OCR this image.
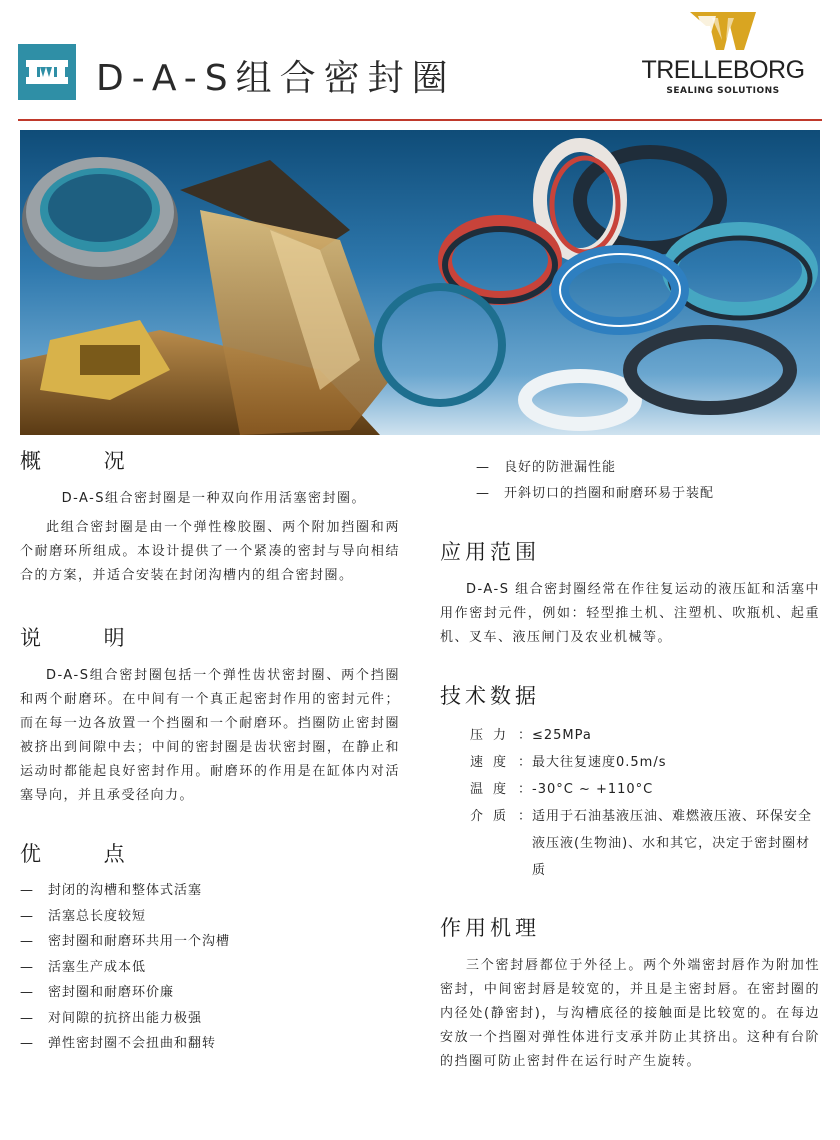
D-A-S组合密封圈	TRELLEBORG
SEALING SOLUTIONS
概 况

D-A-S组合密封圈是一种双向作用活塞密封圈。

此组合密封圈是由一个弹性橡胶圈、两个附加挡圈和两个耐磨环所组成。本设计提供了一个紧凑的密封与导向相结合的方案，并适合安装在封闭沟槽内的组合密封圈。

说 明

D-A-S组合密封圈包括一个弹性齿状密封圈、两个挡圈和两个耐磨环。在中间有一个真正起密封作用的密封元件；而在每一边各放置一个挡圈和一个耐磨环。挡圈防止密封圈被挤出到间隙中去；中间的密封圈是齿状密封圈，在静止和运动时都能起良好密封作用。耐磨环的作用是在缸体内对活塞导向，并且承受径向力。

优 点
— 封闭的沟槽和整体式活塞
— 活塞总长度较短
— 密封圈和耐磨环共用一个沟槽
— 活塞生产成本低
— 密封圈和耐磨环价廉
— 对间隙的抗挤出能力极强
— 弹性密封圈不会扭曲和翻转
— 良好的防泄漏性能
— 开斜切口的挡圈和耐磨环易于装配
应用范围

D-A-S 组合密封圈经常在作往复运动的液压缸和活塞中用作密封元件，例如：轻型推土机、注塑机、吹瓶机、起重机、叉车、液压闸门及农业机械等。

技术数据
压力 ： ≤25MPa
速度 ： 最大往复速度0.5m/s
温度 ： -30°C ~ +110°C
介质 ： 适用于石油基液压油、难燃液压液、环保安全液压液(生物油)、水和其它，决定于密封圈材质
作用机理

三个密封唇都位于外径上。两个外端密封唇作为附加性密封，中间密封唇是较宽的，并且是主密封唇。在密封圈的内径处(静密封)，与沟槽底径的接触面是比较宽的。在每边安放一个挡圈对弹性体进行支承并防止其挤出。这种有台阶的挡圈可防止密封件在运行时产生旋转。
